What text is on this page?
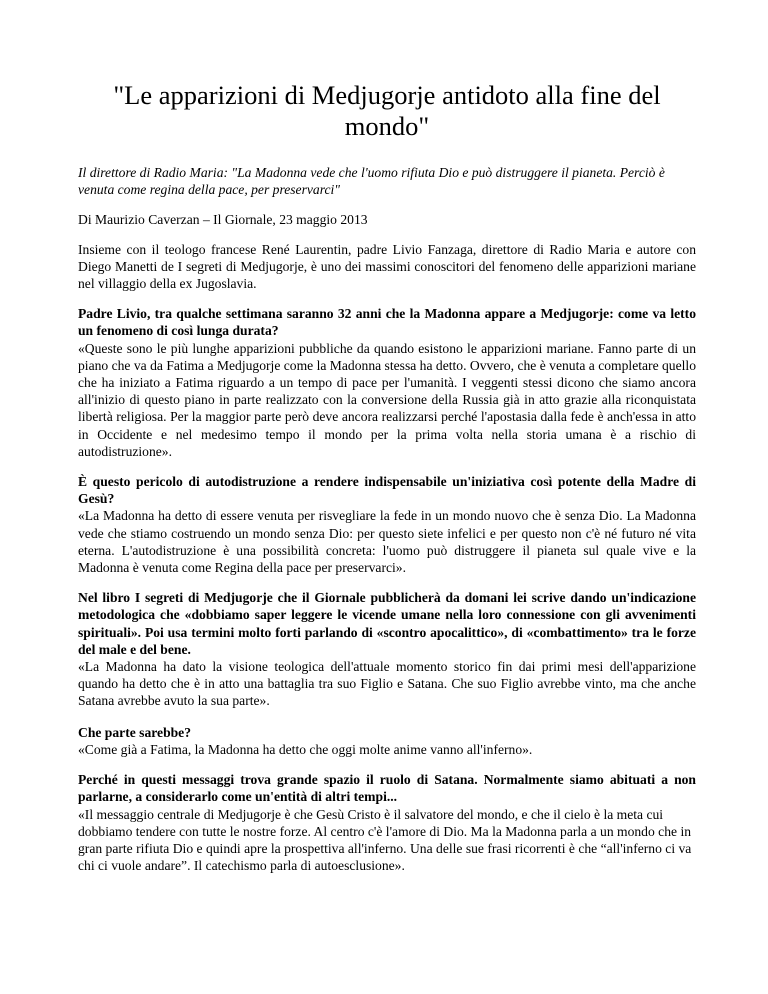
"Le apparizioni di Medjugorje antidoto alla fine del mondo"

Il direttore di Radio Maria: "La Madonna vede che l'uomo rifiuta Dio e può distruggere il pianeta. Perciò è venuta come regina della pace, per preservarci"

Di Maurizio Caverzan – Il Giornale, 23 maggio 2013

Insieme con il teologo francese René Laurentin, padre Livio Fanzaga, direttore di Radio Maria e autore con Diego Manetti de I segreti di Medjugorje, è uno dei massimi conoscitori del fenomeno delle apparizioni mariane nel villaggio della ex Jugoslavia.

Padre Livio, tra qualche settimana saranno 32 anni che la Madonna appare a Medjugorje: come va letto un fenomeno di così lunga durata?

«Queste sono le più lunghe apparizioni pubbliche da quando esistono le apparizioni mariane. Fanno parte di un piano che va da Fatima a Medjugorje come la Madonna stessa ha detto. Ovvero, che è venuta a completare quello che ha iniziato a Fatima riguardo a un tempo di pace per l'umanità. I veggenti stessi dicono che siamo ancora all'inizio di questo piano in parte realizzato con la conversione della Russia già in atto grazie alla riconquistata libertà religiosa. Per la maggior parte però deve ancora realizzarsi perché l'apostasia dalla fede è anch'essa in atto in Occidente e nel medesimo tempo il mondo per la prima volta nella storia umana è a rischio di autodistruzione».

È questo pericolo di autodistruzione a rendere indispensabile un'iniziativa così potente della Madre di Gesù?

«La Madonna ha detto di essere venuta per risvegliare la fede in un mondo nuovo che è senza Dio. La Madonna vede che stiamo costruendo un mondo senza Dio: per questo siete infelici e per questo non c'è né futuro né vita eterna. L'autodistruzione è una possibilità concreta: l'uomo può distruggere il pianeta sul quale vive e la Madonna è venuta come Regina della pace per preservarci».

Nel libro I segreti di Medjugorje che il Giornale pubblicherà da domani lei scrive dando un'indicazione metodologica che «dobbiamo saper leggere le vicende umane nella loro connessione con gli avvenimenti spirituali». Poi usa termini molto forti parlando di «scontro apocalittico», di «combattimento» tra le forze del male e del bene.

«La Madonna ha dato la visione teologica dell'attuale momento storico fin dai primi mesi dell'apparizione quando ha detto che è in atto una battaglia tra suo Figlio e Satana. Che suo Figlio avrebbe vinto, ma che anche Satana avrebbe avuto la sua parte».

Che parte sarebbe?

«Come già a Fatima, la Madonna ha detto che oggi molte anime vanno all'inferno».

Perché in questi messaggi trova grande spazio il ruolo di Satana. Normalmente siamo abituati a non parlarne, a considerarlo come un'entità di altri tempi...

«Il messaggio centrale di Medjugorje è che Gesù Cristo è il salvatore del mondo, e che il cielo è la meta cui dobbiamo tendere con tutte le nostre forze. Al centro c'è l'amore di Dio. Ma la Madonna parla a un mondo che in gran parte rifiuta Dio e quindi apre la prospettiva all'inferno. Una delle sue frasi ricorrenti è che “all'inferno ci va chi ci vuole andare”. Il catechismo parla di autoesclusione».
